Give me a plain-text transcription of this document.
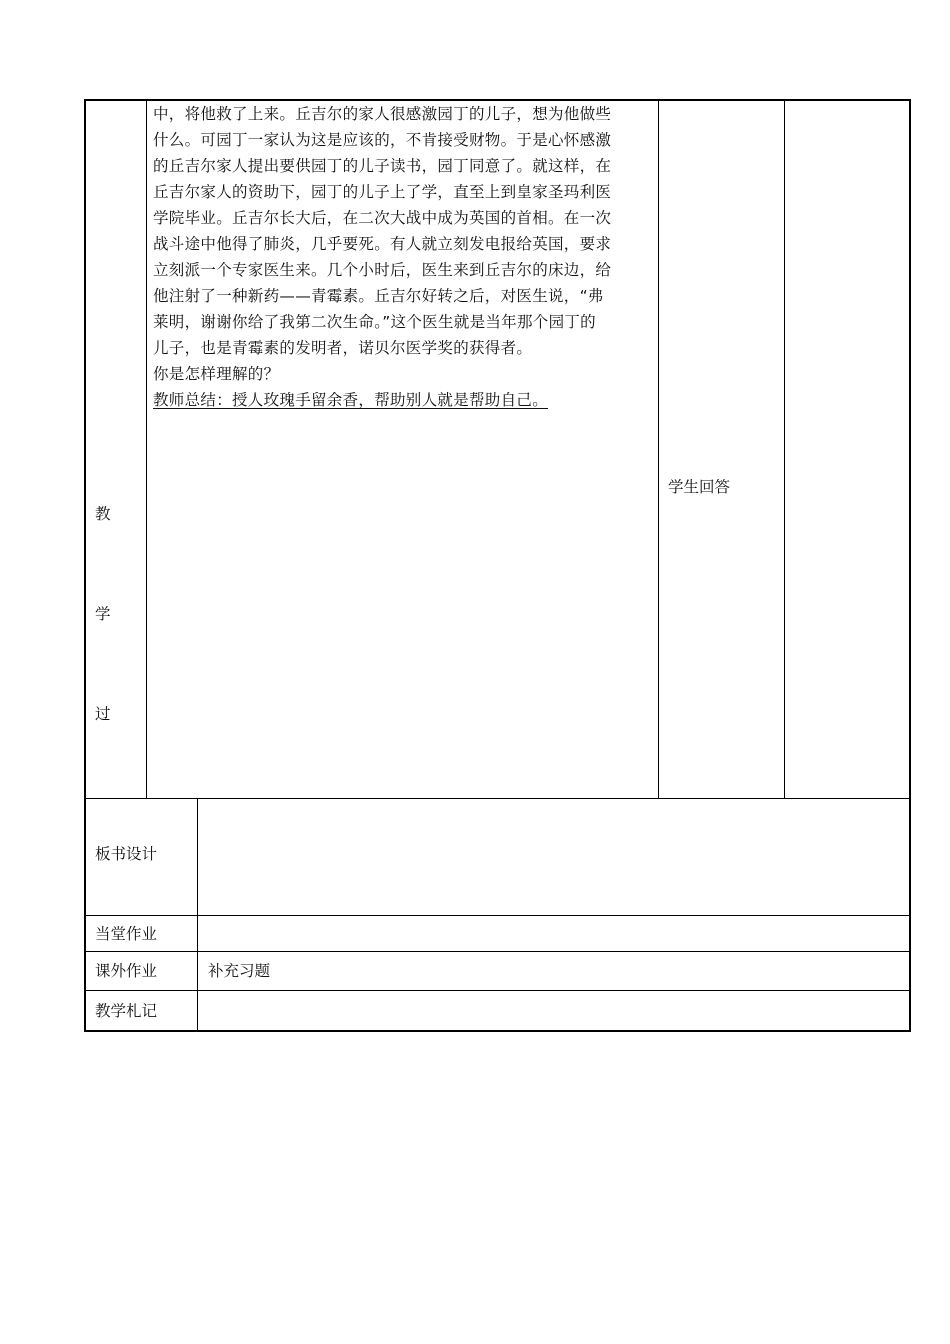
教
学
过
中，将他救了上来。丘吉尔的家人很感激园丁的儿子，想为他做些
什么。可园丁一家认为这是应该的，不肯接受财物。于是心怀感激
的丘吉尔家人提出要供园丁的儿子读书，园丁同意了。就这样，在
丘吉尔家人的资助下，园丁的儿子上了学，直至上到皇家圣玛利医
学院毕业。丘吉尔长大后，在二次大战中成为英国的首相。在一次
战斗途中他得了肺炎，几乎要死。有人就立刻发电报给英国，要求
立刻派一个专家医生来。几个小时后，医生来到丘吉尔的床边，给
他注射了一种新药——青霉素。丘吉尔好转之后，对医生说，“弗
莱明，谢谢你给了我第二次生命。”这个医生就是当年那个园丁的
儿子，也是青霉素的发明者，诺贝尔医学奖的获得者。
你是怎样理解的？
教师总结：授人玫瑰手留余香，帮助别人就是帮助自己。
学生回答
板书设计
当堂作业
课外作业	补充习题
教学札记
